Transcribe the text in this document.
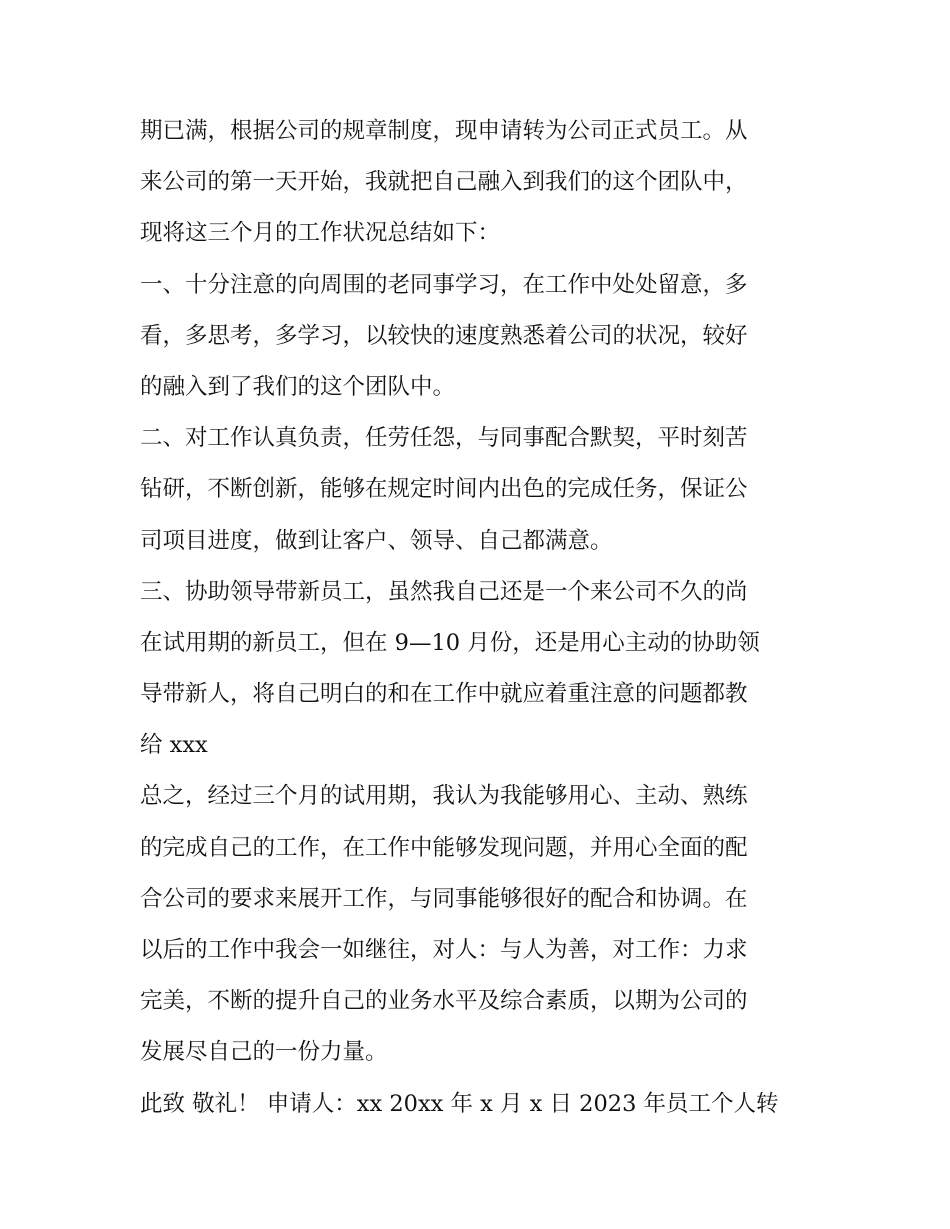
期已满，根据公司的规章制度，现申请转为公司正式员工。从
来公司的第一天开始，我就把自己融入到我们的这个团队中，
现将这三个月的工作状况总结如下：
一、十分注意的向周围的老同事学习，在工作中处处留意，多
看，多思考，多学习，以较快的速度熟悉着公司的状况，较好
的融入到了我们的这个团队中。
二、对工作认真负责，任劳任怨，与同事配合默契，平时刻苦
钻研，不断创新，能够在规定时间内出色的完成任务，保证公
司项目进度，做到让客户、领导、自己都满意。
三、协助领导带新员工，虽然我自己还是一个来公司不久的尚
在试用期的新员工，但在 9—10 月份，还是用心主动的协助领
导带新人，将自己明白的和在工作中就应着重注意的问题都教
给 xxx
总之，经过三个月的试用期，我认为我能够用心、主动、熟练
的完成自己的工作，在工作中能够发现问题，并用心全面的配
合公司的要求来展开工作，与同事能够很好的配合和协调。在
以后的工作中我会一如继往，对人：与人为善，对工作：力求
完美，不断的提升自己的业务水平及综合素质，以期为公司的
发展尽自己的一份力量。
此致 敬礼！ 申请人：xx 20xx 年 x 月 x 日 2023 年员工个人转
